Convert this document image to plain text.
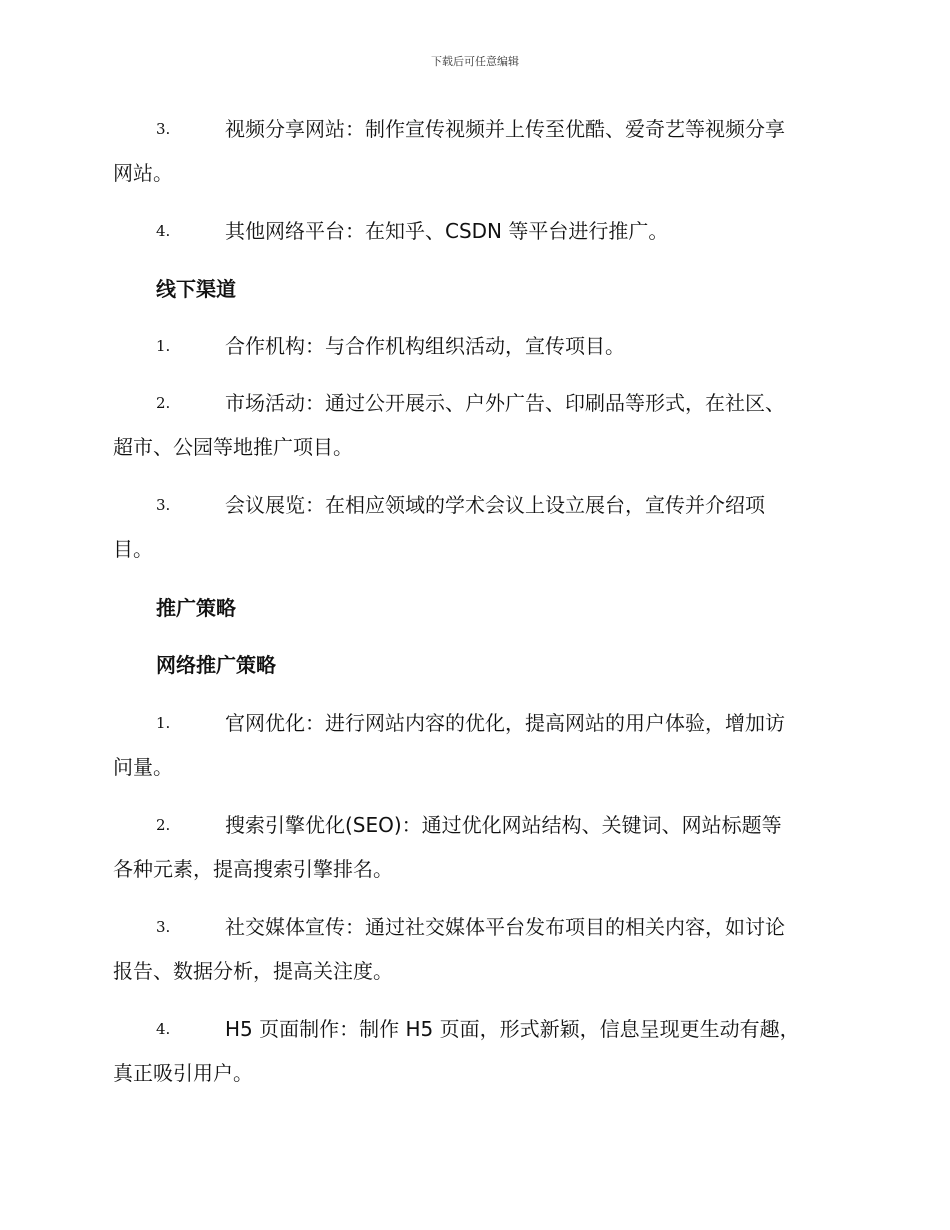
下载后可任意编辑
3.	视频分享网站：制作宣传视频并上传至优酷、爱奇艺等视频分享
网站。
4.	其他网络平台：在知乎、CSDN 等平台进行推广。
线下渠道
1.	合作机构：与合作机构组织活动，宣传项目。
2.	市场活动：通过公开展示、户外广告、印刷品等形式，在社区、
超市、公园等地推广项目。
3.	会议展览：在相应领域的学术会议上设立展台，宣传并介绍项
目。
推广策略
网络推广策略
1.	官网优化：进行网站内容的优化，提高网站的用户体验，增加访
问量。
2.	搜索引擎优化(SEO)：通过优化网站结构、关键词、网站标题等
各种元素，提高搜索引擎排名。
3.	社交媒体宣传：通过社交媒体平台发布项目的相关内容，如讨论
报告、数据分析，提高关注度。
4.	H5 页面制作：制作 H5 页面，形式新颖，信息呈现更生动有趣，
真正吸引用户。
